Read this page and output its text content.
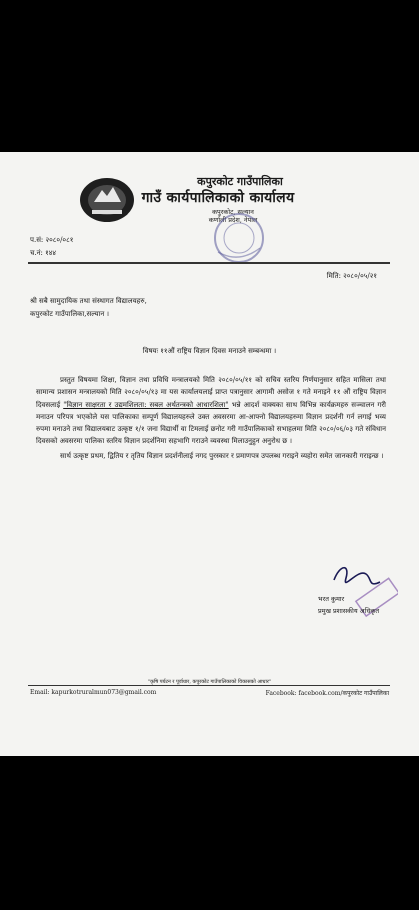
कपुरकोट गाउँपालिका
गाउँ कार्यपालिकाको कार्यालय
कपुरकोट, सल्यान
कर्णाली प्रदेश, नेपाल
प.सं: २०८०/०८१
च.नं: १४४
मिति: २०८०/०५/२१
श्री सबै सामुदायिक तथा संस्थागत विद्यालयहरु,
कपुरकोट गाउँपालिका,सल्यान ।
विषयः ११औं राष्ट्रिय विज्ञान दिवस मनाउने सम्बन्धमा ।

प्रस्तुत विषयमा शिक्षा, विज्ञान तथा प्रविधि मन्त्रालयको मिति २०८०/०५/११ को सचिव स्तरिय निर्णयानुसार सहित मासिला तथा सामान्य प्रशासन मन्त्रालयको मिति २०८०/०५/१३ मा यस कार्यालयलाई प्राप्त पत्रानुसार आगामी असोज १ गते मनाइने ११ औं राष्ट्रिय विज्ञान दिवसलाई "विज्ञान साक्षरता र उद्यमशिलता: सबल अर्थतन्त्रको आधारशिला" भन्ने आदर्श वाक्यका साथ विभिन्न कार्यक्रमहरु सञ्चालन गरी मनाउन परिपत्र भएकोले यस पालिकाका सम्पूर्ण विद्यालयहरुले उक्त अवसरमा आ-आफ्नो विद्यालयहरुमा विज्ञान प्रदर्शनी गर्न लगाई भव्य रुपमा मनाउने तथा विद्यालयबाट उत्कृष्ट १/१ जना विद्यार्थी वा टिमलाई छनोट गरी गाउँपालिकाको सभाहलमा मिति २०८०/०६/०३ गते संविधान दिवसको अवसरमा पालिका स्तरिय विज्ञान प्रदर्शनिमा सहभागि गराउने व्यवस्था मिलाउनुहुन अनुरोध छ ।

सार्थ उत्कृष्ट प्रथम, द्वितिय र तृतिय विज्ञान प्रदर्शनीलाई नगद पुरस्कार र प्रमाणपत्र उपलब्ध गराइने व्यहोरा समेत जानकारी गराइन्छ ।

भरत कुमार
प्रमुख प्रशासकीय अधिकृत
"कृषि पर्यटन र पूर्वाधार, कपुरकोट गाउँपालिकाको विकासको आधार"
Email: kapurkotruralmun073@gmail.com	Facebook: facebook.com/कपुरकोट गाउँपालिका
